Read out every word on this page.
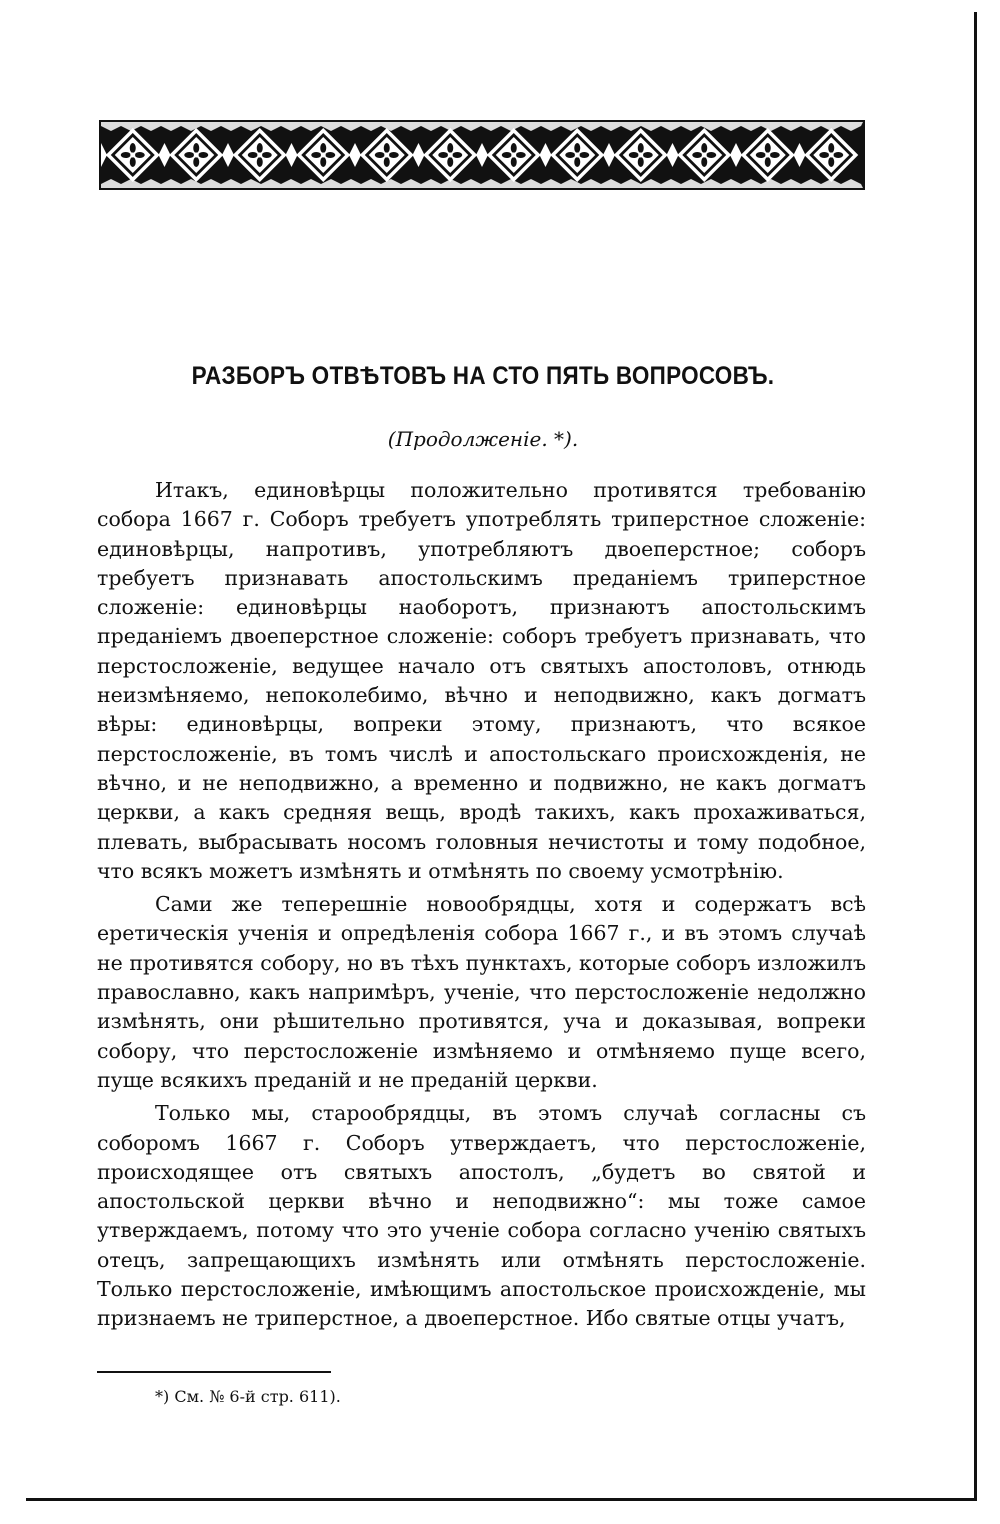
РАЗБОРЪ ОТВѢТОВЪ НА СТО ПЯТЬ ВОПРОСОВЪ.
(Продолженіе. *).

Итакъ, единовѣрцы положительно противятся требованію собора 1667 г. Соборъ требуетъ употреблять триперстное сложеніе: единовѣрцы, напротивъ, употребляютъ двоеперстное; соборъ требуетъ признавать апостольскимъ преданіемъ триперстное сложеніе: единовѣрцы наоборотъ, признаютъ апостольскимъ преданіемъ двоеперстное сложеніе: соборъ требуетъ признавать, что перстосложеніе, ведущее начало отъ святыхъ апостоловъ, отнюдь неизмѣняемо, непоколебимо, вѣчно и неподвижно, какъ догматъ вѣры: единовѣрцы, вопреки этому, признаютъ, что всякое перстосложеніе, въ томъ числѣ и апостольскаго происхожденія, не вѣчно, и не неподвижно, а временно и подвижно, не какъ догматъ церкви, а какъ средняя вещь, вродѣ такихъ, какъ прохаживаться, плевать, выбрасывать носомъ головныя нечистоты и тому подобное, что всякъ можетъ измѣнять и отмѣнять по своему усмотрѣнію.

Сами же теперешніе новообрядцы, хотя и содержатъ всѣ еретическія ученія и опредѣленія собора 1667 г., и въ этомъ случаѣ не противятся собору, но въ тѣхъ пунктахъ, которые соборъ изложилъ православно, какъ напримѣръ, ученіе, что перстосложеніе недолжно измѣнять, они рѣшительно противятся, уча и доказывая, вопреки собору, что перстосложеніе измѣняемо и отмѣняемо пуще всего, пуще всякихъ преданій и не преданій церкви.

Только мы, старообрядцы, въ этомъ случаѣ согласны съ соборомъ 1667 г. Соборъ утверждаетъ, что перстосложеніе, происходящее отъ святыхъ апостолъ, „будетъ во святой и апостольской церкви вѣчно и неподвижно“: мы тоже самое утверждаемъ, потому что это ученіе собора согласно ученію святыхъ отецъ, запрещающихъ измѣнять или отмѣнять перстосложеніе. Только перстосложеніе, имѣющимъ апостольское происхожденіе, мы признаемъ не триперстное, а двоеперстное. Ибо святые отцы учатъ,

*) См. № 6-й стр. 611).
